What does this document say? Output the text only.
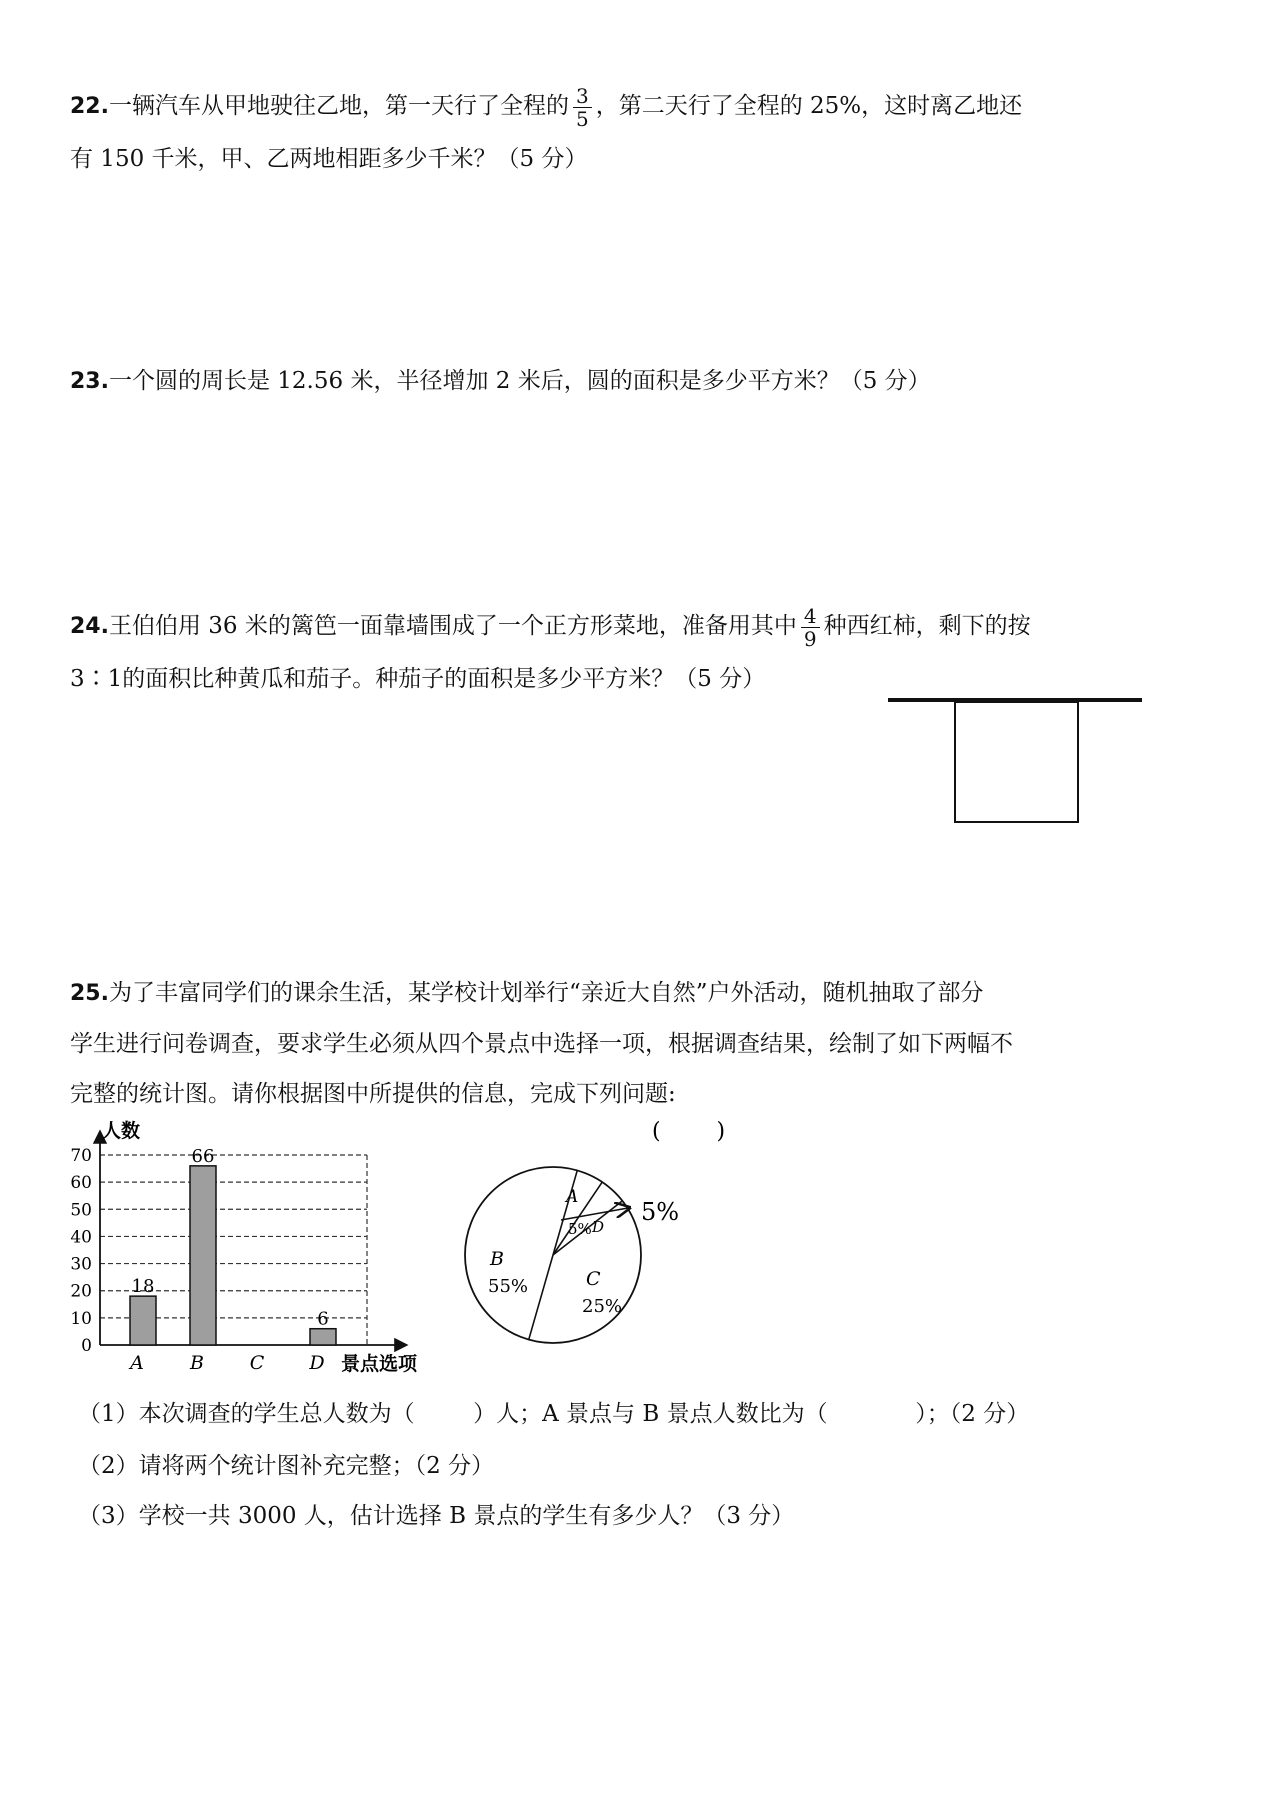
22.一辆汽车从甲地驶往乙地，第一天行了全程的 $\frac{3}{5}$ ，第二天行了全程的 25%，这时离乙地还
有 150 千米，甲、乙两地相距多少千米？（5 分）
23.一个圆的周长是 12.56 米，半径增加 2 米后，圆的面积是多少平方米？（5 分）
24.王伯伯用 36 米的篱笆一面靠墙围成了一个正方形菜地，准备用其中 $\frac{4}{9}$ 种西红柿，剩下的按
3∶1的面积比种黄瓜和茄子。种茄子的面积是多少平方米？（5 分）
25.为了丰富同学们的课余生活，某学校计划举行“亲近大自然”户外活动，随机抽取了部分
学生进行问卷调查，要求学生必须从四个景点中选择一项，根据调查结果，绘制了如下两幅不
完整的统计图。请你根据图中所提供的信息，完成下列问题:
0
10
20
30
40
50
60
70
A B C D
18
66
6
人数
景点选项
(        )
A
D
5%
C
25%
B
55%
5%
（1）本次调查的学生总人数为（        ）人；A 景点与 B 景点人数比为（            ）；（2 分）
（2）请将两个统计图补充完整；（2 分）
（3）学校一共 3000 人，估计选择 B 景点的学生有多少人？（3 分）
